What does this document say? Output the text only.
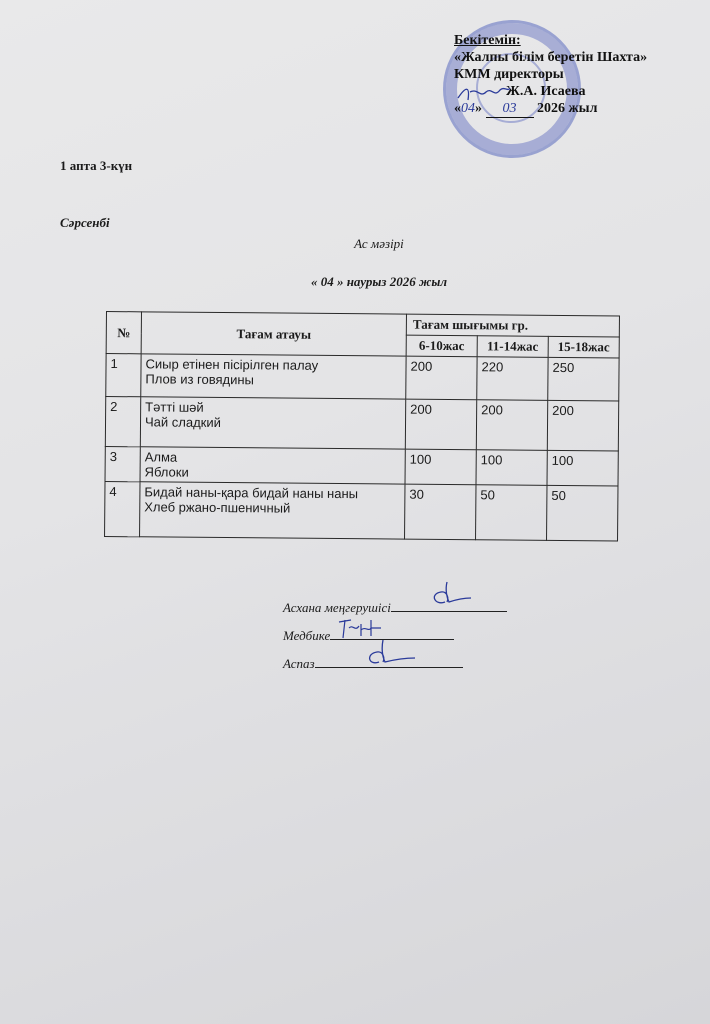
Бекітемін:
«Жалпы білім беретін Шахта»
КММ директоры
Ж.А. Исаева
«04» 03 2026 жыл
1 апта 3-күн
Сәрсенбі
Ас мәзірі
« 04 » наурыз 2026 жыл
№	Тағам атауы	Тағам шығымы гр.		
		6-10жас	11-14жас	15-18жас
1	Сиыр етінен пісірілген палау
Плов из говядины	200	220	250
2	Тәтті шәй
Чай сладкий	200	200	200
3	Алма
Яблоки	100	100	100
4	Бидай наны-қара бидай наны наны
Хлеб ржано-пшеничный	30	50	50
Асхана меңгерушісі
Медбике
Аспаз
